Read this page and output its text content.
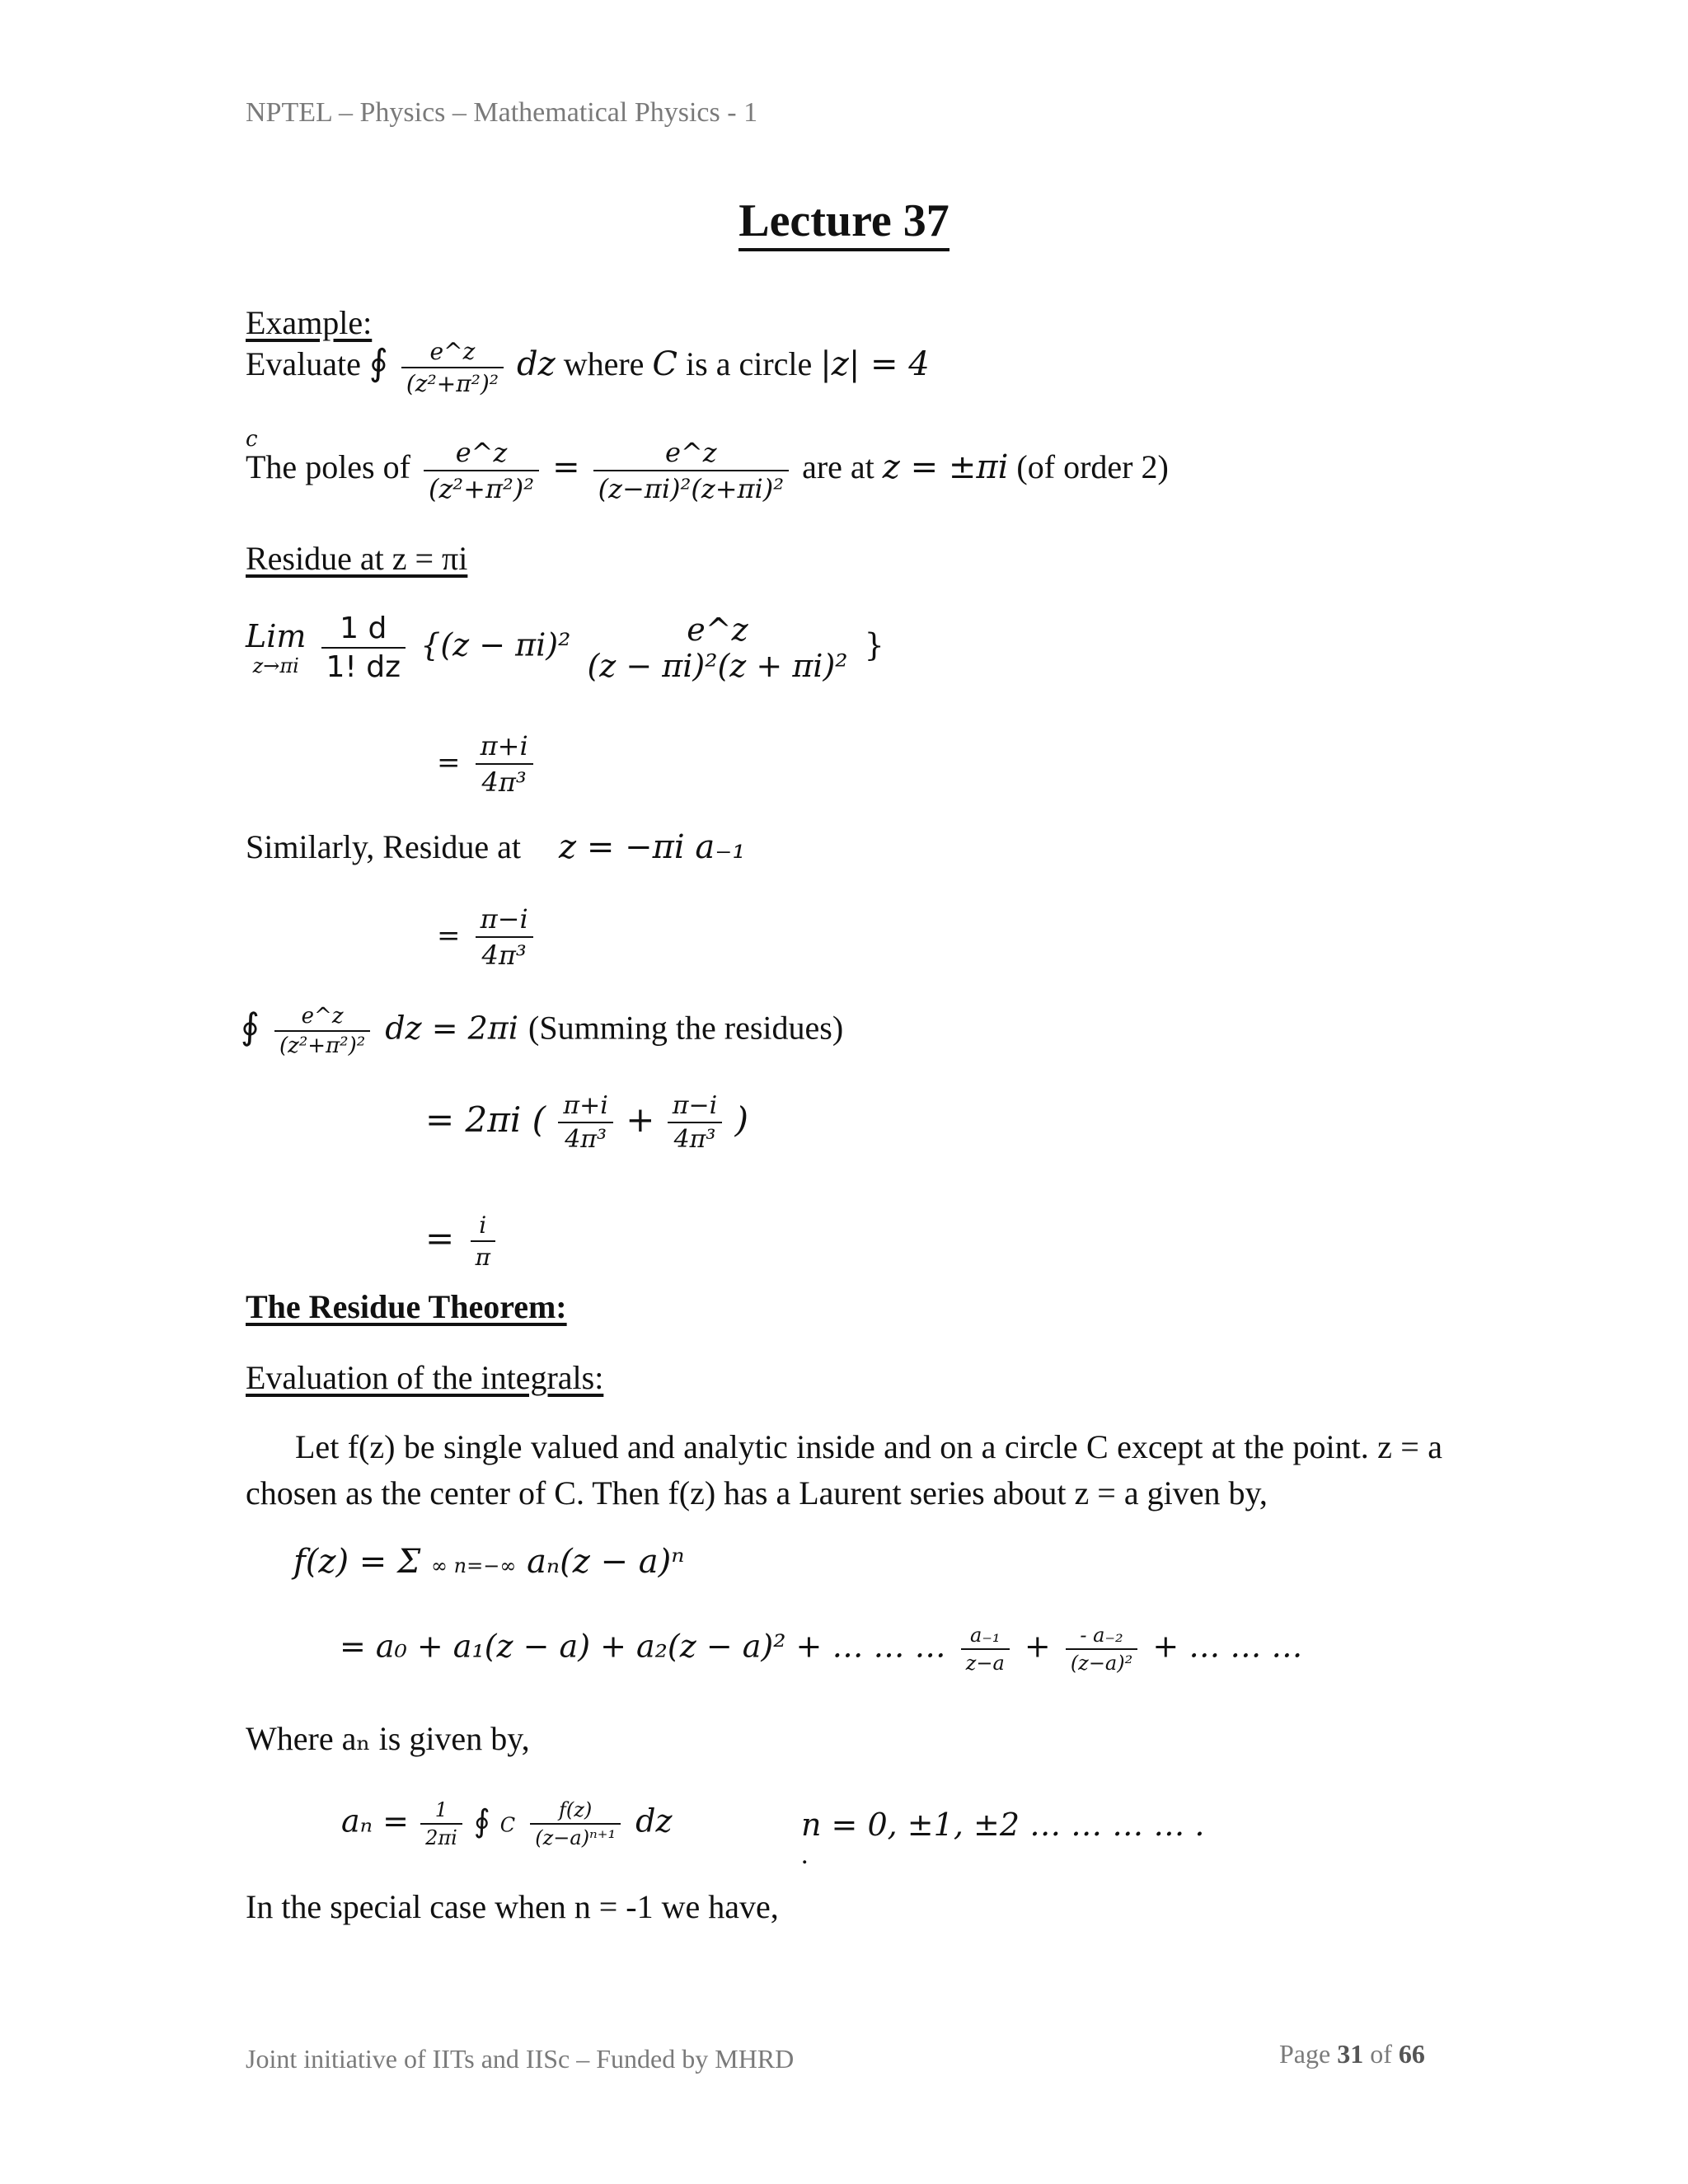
NPTEL – Physics – Mathematical Physics - 1
Lecture 37
Example:
Evaluate ∮ $\frac{e\^{}z}{\text{(z²+π²)²}}$ dz where C is a circle |z| = 4
c
The poles of $\frac{e\^{}z}{\text{(z²+π²)²}} = \frac{e\^{}z}{\text{(z−πi)²(z+πi)²}}$ are at z = ±πi (of order 2)
Residue at z = πi
Lim
z→πi
$\frac{1 d}{1! dz} \{(z - \pi i)^2$	e^z
(z − πi)²(z + πi)²
}
= $\frac{\pi+i}{\text{4π³}}$
Similarly, Residue at z = −πi a₋₁
= $\frac{\pi-i}{\text{4π³}}$
∮ $\frac{e\^{}z}{\text{(z²+π²)²}}$ dz = 2πi (Summing the residues)
= 2πi ( $\frac{\pi+i}{\text{4π³}} + \frac{\pi-i}{\text{4π³}}$ )
= $\frac{i}{\pi}$
The Residue Theorem:
Evaluation of the integrals:
Let f(z) be single valued and analytic inside and on a circle C except at the point. z = a chosen as the center of C. Then f(z) has a Laurent series about z = a given by,
f(z) = Σ ∞ n=−∞ aₙ(z − a)ⁿ
= a₀ + a₁(z − a) + a₂(z − a)² + … … … $\frac{\text{a₋₁}}{z-a} + \frac{\text{- a₋₂}}{\text{(z−a)²}}$ + … … …
Where aₙ is given by,
$a_n = \frac{1}{2\pi i}$ ∮ C $\frac{f(z)}{\text{(z−a)ⁿ⁺¹}}$ dz	n = 0, ±1, ±2 … … … … .
.
In the special case when n = -1 we have,
Joint initiative of IITs and IISc – Funded by MHRD	Page 31 of 66
